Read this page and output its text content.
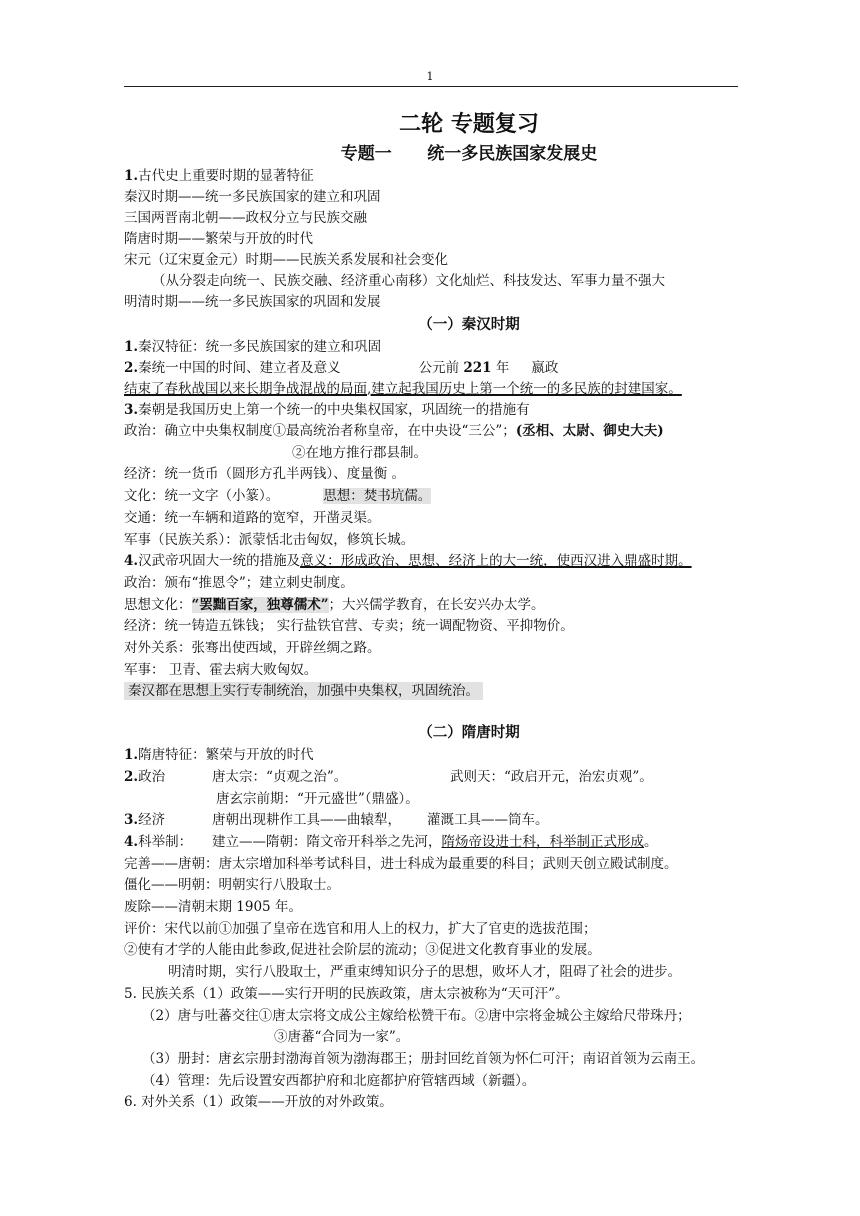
1
二轮 专题复习
专题一      统一多民族国家发展史
1.古代史上重要时期的显著特征
秦汉时期——统一多民族国家的建立和巩固
三国两晋南北朝——政权分立与民族交融
隋唐时期——繁荣与开放的时代
宋元（辽宋夏金元）时期——民族关系发展和社会变化
（从分裂走向统一、民族交融、经济重心南移）文化灿烂、科技发达、军事力量不强大
明清时期——统一多民族国家的巩固和发展
（一）秦汉时期
1.秦汉特征：统一多民族国家的建立和巩固
2.秦统一中国的时间、建立者及意义	公元前 221 年 嬴政
结束了春秋战国以来长期争战混战的局面,建立起我国历史上第一个统一的多民族的封建国家。
3.秦朝是我国历史上第一个统一的中央集权国家，巩固统一的措施有
政治：确立中央集权制度①最高统治者称皇帝，在中央设“三公”；(丞相、太尉、御史大夫)
②在地方推行郡县制。
经济：统一货币（圆形方孔半两钱）、度量衡 。
文化：统一文字（小篆）。	思想：焚书坑儒。
交通：统一车辆和道路的宽窄，开凿灵渠。
军事（民族关系）：派蒙恬北击匈奴，修筑长城。
4.汉武帝巩固大一统的措施及意义：形成政治、思想、经济上的大一统，使西汉进入鼎盛时期。
政治：颁布“推恩令”；建立刺史制度。
思想文化：“罢黜百家，独尊儒术”；大兴儒学教育，在长安兴办太学。
经济：统一铸造五铢钱； 实行盐铁官营、专卖；统一调配物资、平抑物价。
对外关系：张骞出使西域，开辟丝绸之路。
军事： 卫青、霍去病大败匈奴。
秦汉都在思想上实行专制统治，加强中央集权，巩固统治。
（二）隋唐时期
1.隋唐特征：繁荣与开放的时代
2.政治	唐太宗：“贞观之治”。	武则天：“政启开元，治宏贞观”。
唐玄宗前期：“开元盛世”（鼎盛）。
3.经济	唐朝出现耕作工具——曲辕犁， 灌溉工具——筒车。
4.科举制： 建立——隋朝：隋文帝开科举之先河，隋炀帝设进士科，科举制正式形成。
完善——唐朝：唐太宗增加科举考试科目，进士科成为最重要的科目；武则天创立殿试制度。
僵化——明朝：明朝实行八股取士。
废除——清朝末期 1905 年。
评价：宋代以前①加强了皇帝在选官和用人上的权力，扩大了官吏的选拔范围；
②使有才学的人能由此参政,促进社会阶层的流动；③促进文化教育事业的发展。
明清时期，实行八股取士，严重束缚知识分子的思想，败坏人才，阻碍了社会的进步。
5. 民族关系（1）政策——实行开明的民族政策，唐太宗被称为“天可汗”。
（2）唐与吐蕃交往①唐太宗将文成公主嫁给松赞干布。②唐中宗将金城公主嫁给尺带珠丹；
③唐蕃“合同为一家”。
（3）册封：唐玄宗册封渤海首领为渤海郡王；册封回纥首领为怀仁可汗；南诏首领为云南王。
（4）管理：先后设置安西都护府和北庭都护府管辖西域（新疆）。
6. 对外关系（1）政策——开放的对外政策。
